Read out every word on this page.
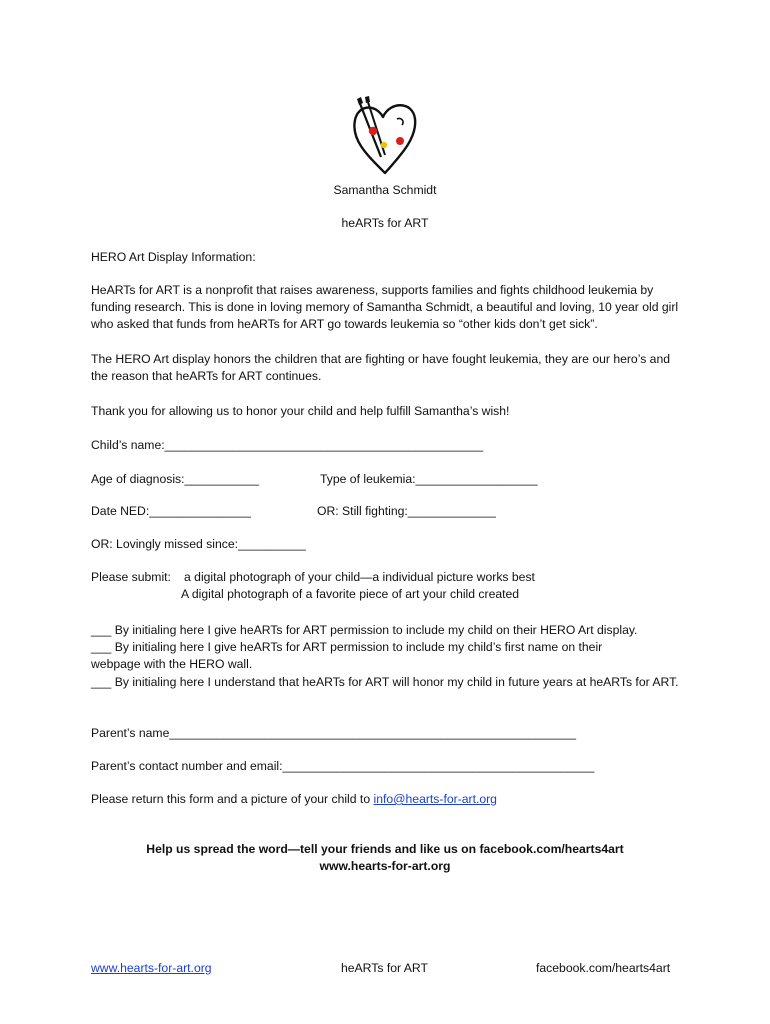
Samantha Schmidt
heARTs for ART
HERO Art Display Information:
HeARTs for ART is a nonprofit that raises awareness, supports families and fights childhood leukemia by funding research. This is done in loving memory of Samantha Schmidt, a beautiful and loving, 10 year old girl who asked that funds from heARTs for ART go towards leukemia so “other kids don’t get sick”.
The HERO Art display honors the children that are fighting or have fought leukemia, they are our hero’s and the reason that heARTs for ART continues.
Thank you for allowing us to honor your child and help fulfill Samantha’s wish!
Child’s name:_______________________________________________
Age of diagnosis:___________	Type of leukemia:__________________
Date NED:_______________	OR: Still fighting:_____________
OR: Lovingly missed since:__________
Please submit: a digital photograph of your child—a individual picture works best
A digital photograph of a favorite piece of art your child created
___ By initialing here I give heARTs for ART permission to include my child on their HERO Art display.
___ By initialing here I give heARTs for ART permission to include my child’s first name on their webpage with the HERO wall.
___ By initialing here I understand that heARTs for ART will honor my child in future years at heARTs for ART.
Parent’s name____________________________________________________________
Parent’s contact number and email:______________________________________________
Please return this form and a picture of your child to info@hearts-for-art.org
Help us spread the word—tell your friends and like us on facebook.com/hearts4art
www.hearts-for-art.org
www.hearts-for-art.org	heARTs for ART	facebook.com/hearts4art
